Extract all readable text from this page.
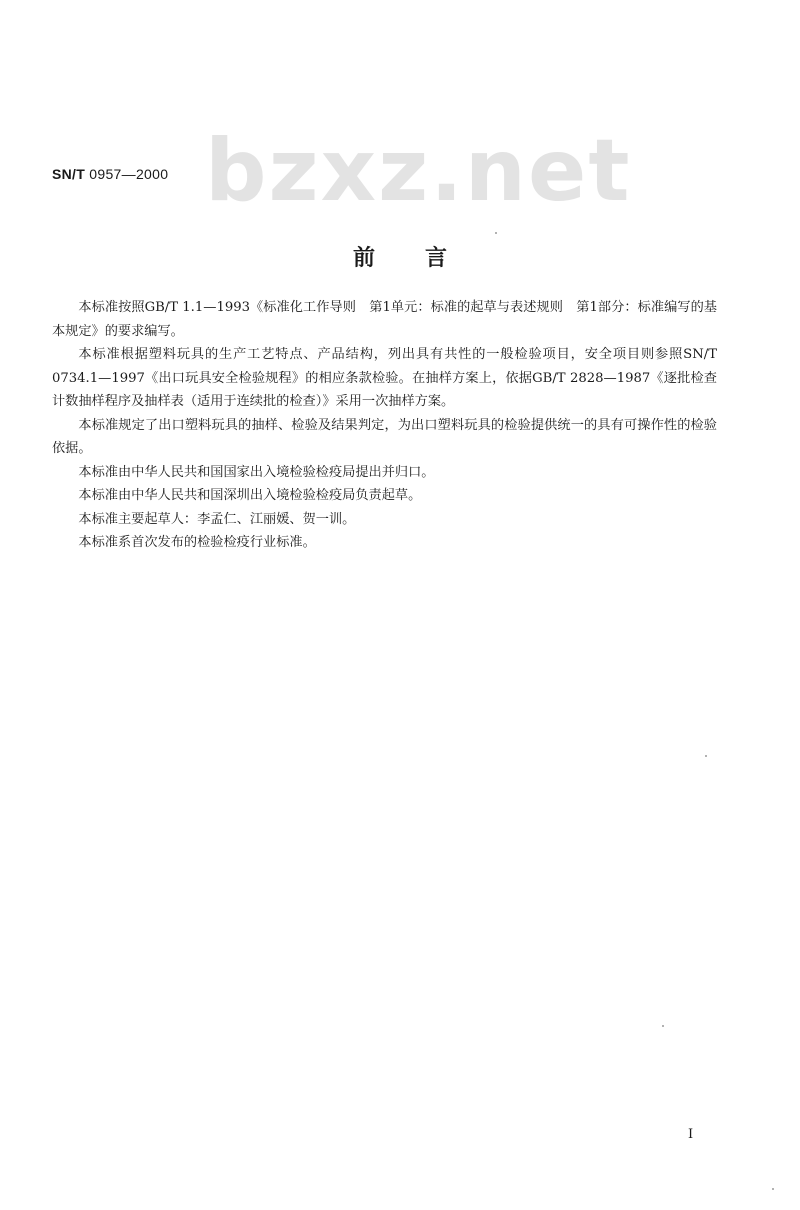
bzxz.net
SN/T 0957—2000
前言

本标准按照GB/T 1.1—1993《标准化工作导则　第1单元：标准的起草与表述规则　第1部分：标准编写的基本规定》的要求编写。

本标准根据塑料玩具的生产工艺特点、产品结构，列出具有共性的一般检验项目，安全项目则参照SN/T 0734.1—1997《出口玩具安全检验规程》的相应条款检验。在抽样方案上，依据GB/T 2828—1987《逐批检查计数抽样程序及抽样表（适用于连续批的检查）》采用一次抽样方案。

本标准规定了出口塑料玩具的抽样、检验及结果判定，为出口塑料玩具的检验提供统一的具有可操作性的检验依据。

本标准由中华人民共和国国家出入境检验检疫局提出并归口。

本标准由中华人民共和国深圳出入境检验检疫局负责起草。

本标准主要起草人：李孟仁、江丽媛、贺一训。

本标准系首次发布的检验检疫行业标准。

I
